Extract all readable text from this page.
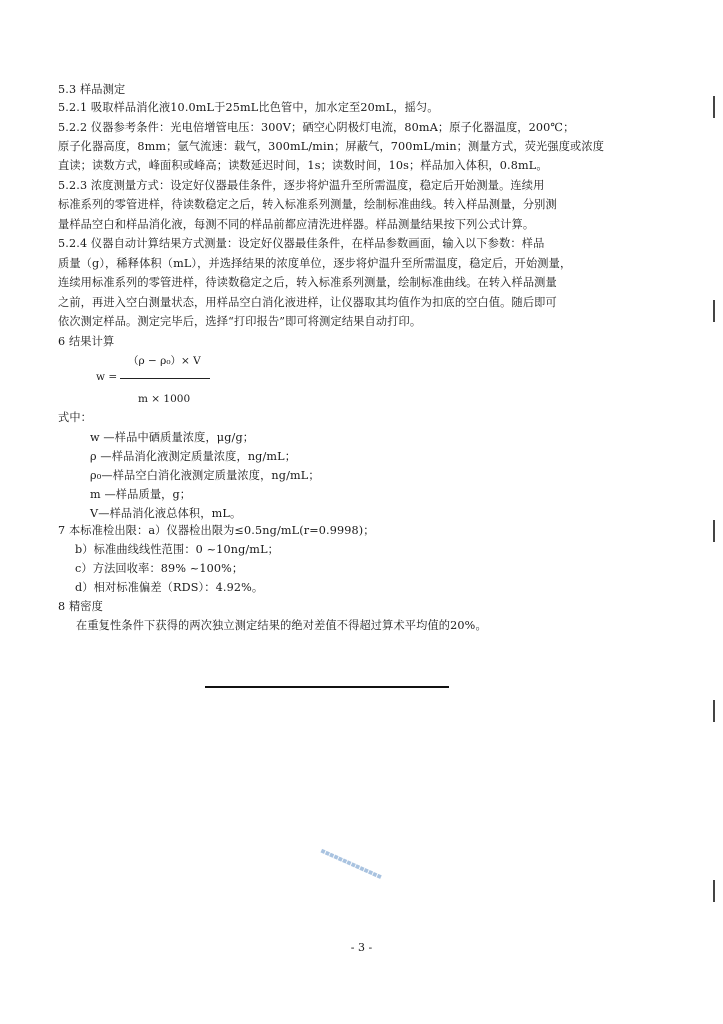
5.3 样品测定
5.2.1 吸取样品消化液10.0mL于25mL比色管中，加水定至20mL，摇匀。
5.2.2 仪器参考条件：光电倍增管电压：300V；硒空心阴极灯电流，80mA；原子化器温度，200℃；
原子化器高度，8mm；氩气流速：载气，300mL/min；屏蔽气，700mL/min；测量方式，荧光强度或浓度
直读；读数方式，峰面积或峰高；读数延迟时间，1s；读数时间，10s；样品加入体积，0.8mL。
5.2.3 浓度测量方式：设定好仪器最佳条件，逐步将炉温升至所需温度，稳定后开始测量。连续用
标准系列的零管进样，待读数稳定之后，转入标准系列测量，绘制标准曲线。转入样品测量，分别测
量样品空白和样品消化液，每测不同的样品前都应清洗进样器。样品测量结果按下列公式计算。
5.2.4 仪器自动计算结果方式测量：设定好仪器最佳条件，在样品参数画面，输入以下参数：样品
质量（g），稀释体积（mL），并选择结果的浓度单位，逐步将炉温升至所需温度，稳定后，开始测量，
连续用标准系列的零管进样，待读数稳定之后，转入标准系列测量，绘制标准曲线。在转入样品测量
之前，再进入空白测量状态，用样品空白消化液进样，让仪器取其均值作为扣底的空白值。随后即可
依次测定样品。测定完毕后，选择“打印报告”即可将测定结果自动打印。
6 结果计算
（ρ − ρ₀）× V
w =
m × 1000
式中：
w —样品中硒质量浓度，μg/g；
ρ —样品消化液测定质量浓度，ng/mL；
ρ₀—样品空白消化液测定质量浓度，ng/mL；
m —样品质量，g；
V—样品消化液总体积，mL。
7 本标准检出限：a）仪器检出限为≤0.5ng/mL(r=0.9998)；
b）标准曲线线性范围：0 ~10ng/mL；
c）方法回收率：89% ~100%；
d）相对标准偏差（RDS）：4.92%。
8 精密度
在重复性条件下获得的两次独立测定结果的绝对差值不得超过算术平均值的20%。
■■■■■■■■■■■■■■
- 3 -
